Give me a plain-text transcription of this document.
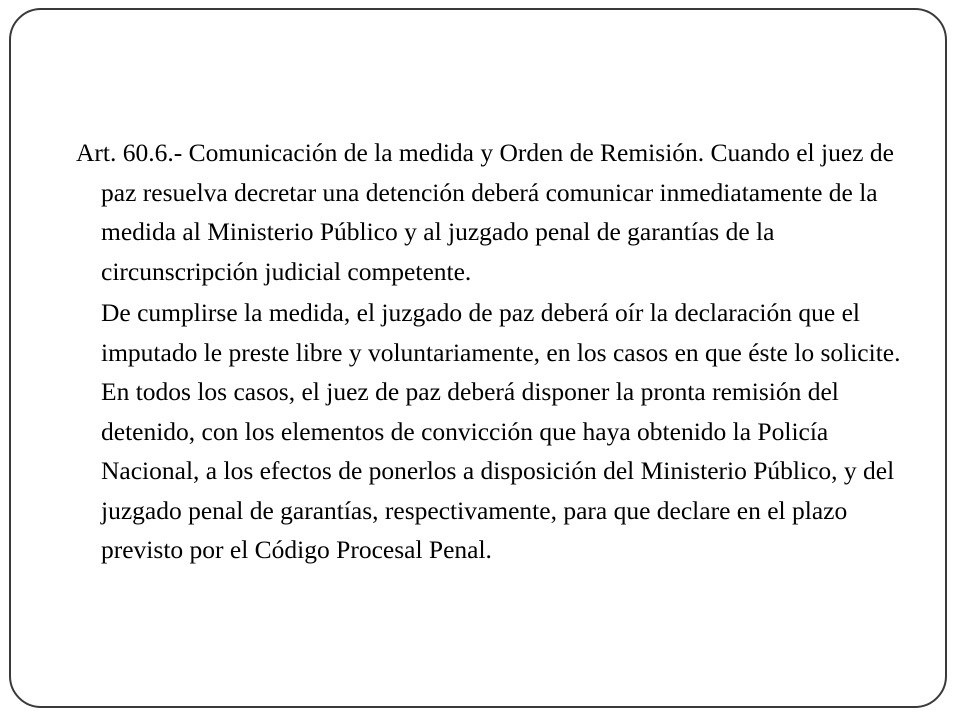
Art. 60.6.- Comunicación de la medida y Orden de Remisión. Cuando el juez de paz resuelva decretar una detención deberá comunicar inmediatamente de la medida al Ministerio Público y al juzgado penal de garantías de la circunscripción judicial competente.

De cumplirse la medida, el juzgado de paz deberá oír la declaración que el imputado le preste libre y voluntariamente, en los casos en que éste lo solicite. En todos los casos, el juez de paz deberá disponer la pronta remisión del detenido, con los elementos de convicción que haya obtenido la Policía Nacional, a los efectos de ponerlos a disposición del Ministerio Público, y del juzgado penal de garantías, respectivamente, para que declare en el plazo previsto por el Código Procesal Penal.
